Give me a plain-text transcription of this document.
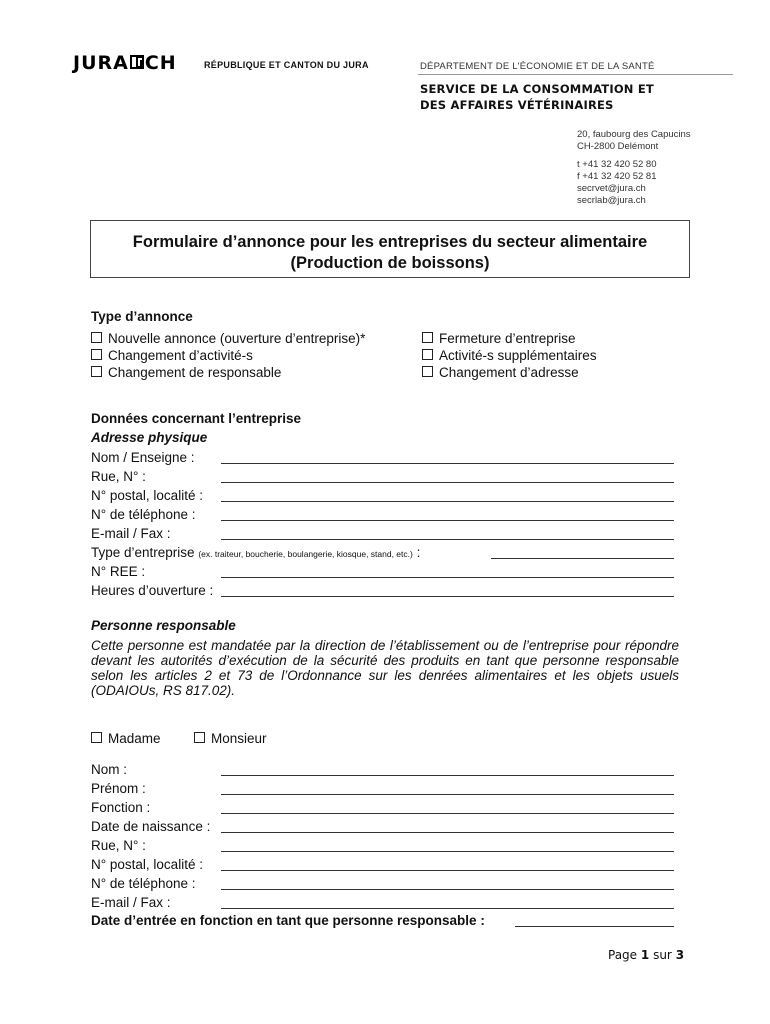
JURA CH	RÉPUBLIQUE ET CANTON DU JURA	DÉPARTEMENT DE L'ÉCONOMIE ET DE LA SANTÉ
SERVICE DE LA CONSOMMATION ET
DES AFFAIRES VÉTÉRINAIRES
20, faubourg des Capucins
CH-2800 Delémont
t +41 32 420 52 80
f +41 32 420 52 81
secrvet@jura.ch
secrlab@jura.ch
Formulaire d’annonce pour les entreprises du secteur alimentaire
(Production de boissons)
Type d’annonce
Nouvelle annonce (ouverture d’entreprise)*
Changement d’activité-s
Changement de responsable
Fermeture d’entreprise
Activité-s supplémentaires
Changement d’adresse
Données concernant l’entreprise
Adresse physique
Nom / Enseigne :
Rue, N° :
N° postal, localité :
N° de téléphone :
E-mail / Fax :
Type d’entreprise (ex. traiteur, boucherie, boulangerie, kiosque, stand, etc.) :
N° REE :
Heures d’ouverture :
Personne responsable
Cette personne est mandatée par la direction de l’établissement ou de l’entreprise pour répondre devant les autorités d’exécution de la sécurité des produits en tant que personne responsable selon les articles 2 et 73 de l’Ordonnance sur les denrées alimentaires et les objets usuels (ODAIOUs, RS 817.02).
Madame	Monsieur
Nom :
Prénom :
Fonction :
Date de naissance :
Rue, N° :
N° postal, localité :
N° de téléphone :
E-mail / Fax :
Date d’entrée en fonction en tant que personne responsable :
Page 1 sur 3
